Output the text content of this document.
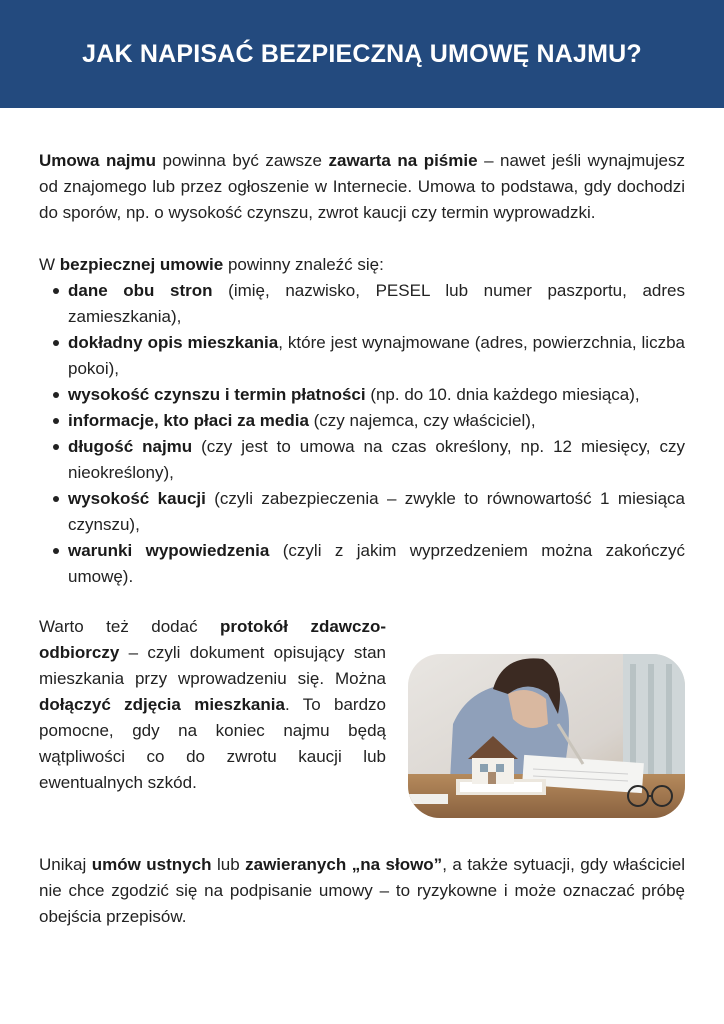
JAK NAPISAĆ BEZPIECZNĄ UMOWĘ NAJMU?

Umowa najmu powinna być zawsze zawarta na piśmie – nawet jeśli wynajmujesz od znajomego lub przez ogłoszenie w Internecie. Umowa to podstawa, gdy dochodzi do sporów, np. o wysokość czynszu, zwrot kaucji czy termin wyprowadzki.

W bezpiecznej umowie powinny znaleźć się:

dane obu stron (imię, nazwisko, PESEL lub numer paszportu, adres zamieszkania),
dokładny opis mieszkania, które jest wynajmowane (adres, powierzchnia, liczba pokoi),
wysokość czynszu i termin płatności (np. do 10. dnia każdego miesiąca),
informacje, kto płaci za media (czy najemca, czy właściciel),
długość najmu (czy jest to umowa na czas określony, np. 12 miesięcy, czy nieokreślony),
wysokość kaucji (czyli zabezpieczenia – zwykle to równowartość 1 miesiąca czynszu),
warunki wypowiedzenia (czyli z jakim wyprzedzeniem można zakończyć umowę).

Warto też dodać protokół zdawczo-odbiorczy – czyli dokument opisujący stan mieszkania przy wprowadzeniu się. Można dołączyć zdjęcia mieszkania. To bardzo pomocne, gdy na koniec najmu będą wątpliwości co do zwrotu kaucji lub ewentualnych szkód.

Unikaj umów ustnych lub zawieranych „na słowo”, a także sytuacji, gdy właściciel nie chce zgodzić się na podpisanie umowy – to ryzykowne i może oznaczać próbę obejścia przepisów.
